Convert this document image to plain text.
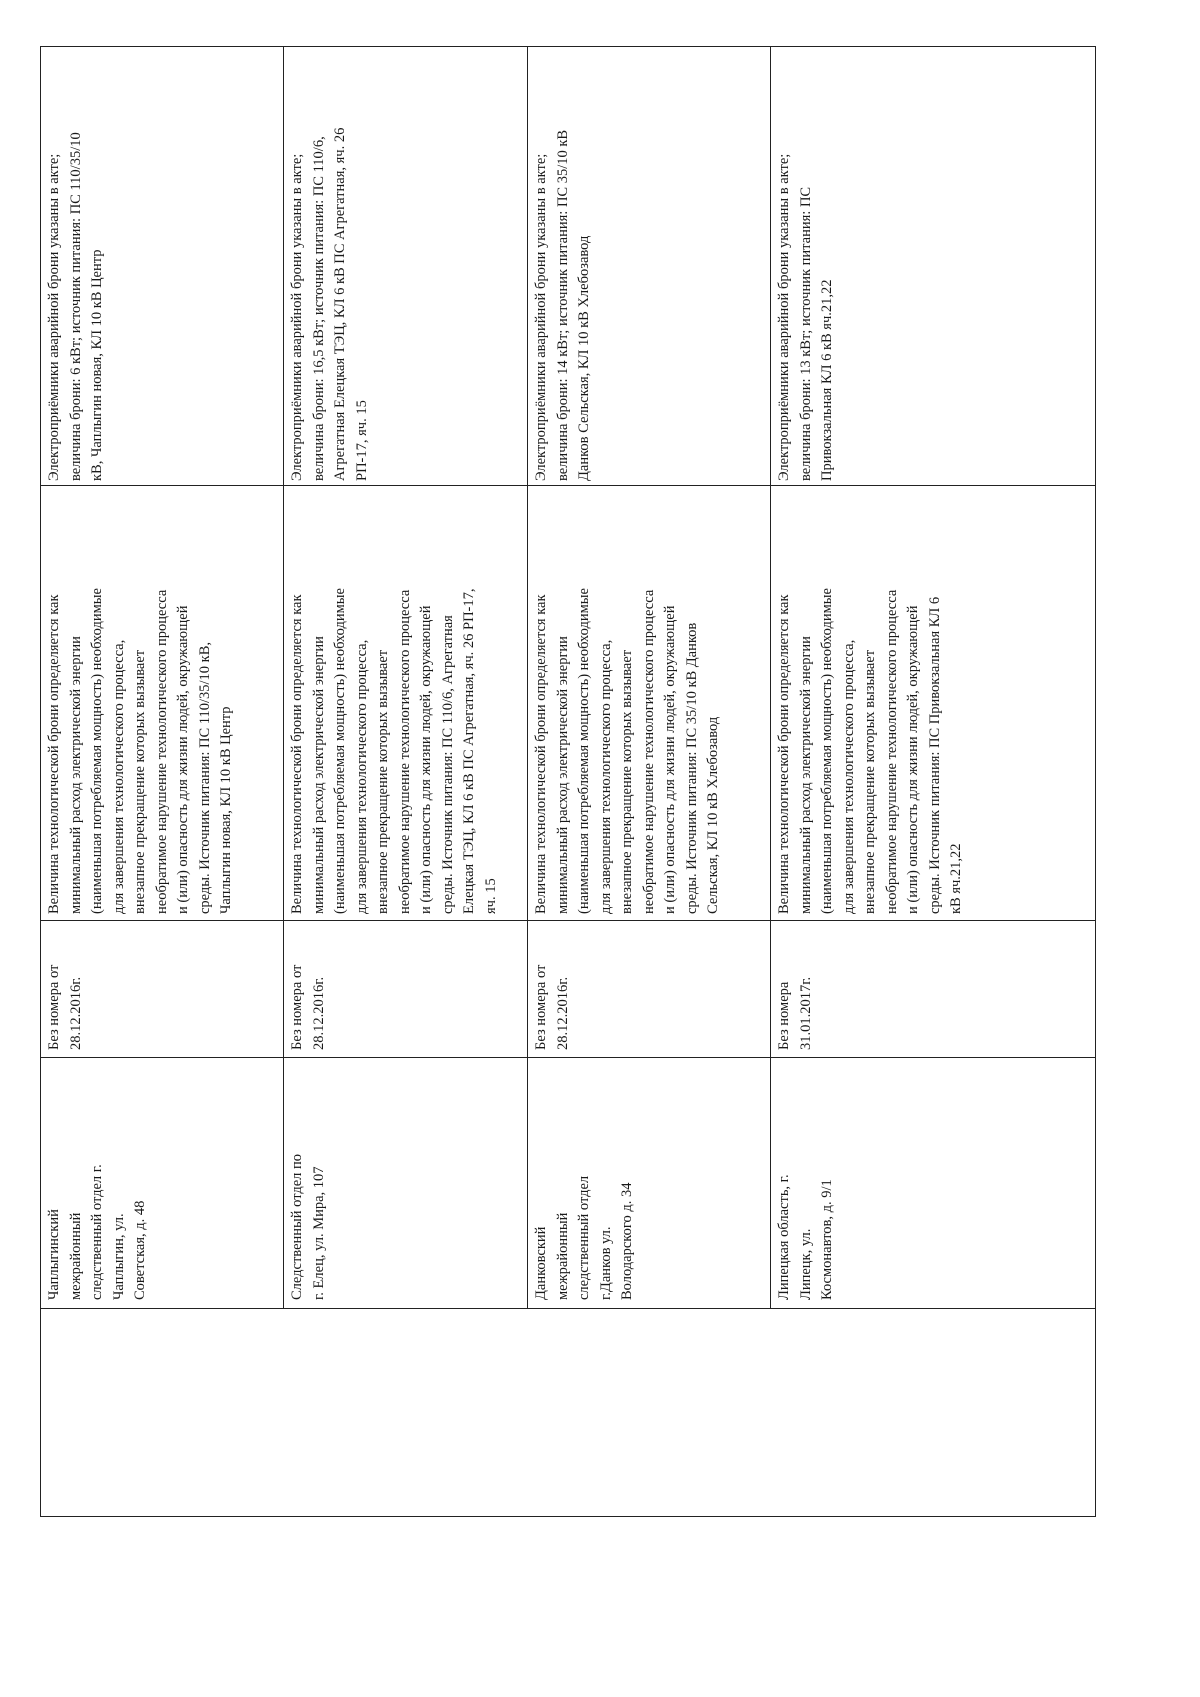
Чаплыгинский межрайонный следственный отдел г. Чаплыгин, ул. Советская, д. 48
Без номера от 28.12.2016г.
Величина технологической брони определяется как минимальный расход электрической энергии (наименьшая потребляемая мощность) необходимые для завершения технологического процесса, внезапное прекращение которых вызывает необратимое нарушение технологического процесса и (или) опасность для жизни людей, окружающей среды. Источник питания: ПС 110/35/10 кВ, Чаплыгин новая, КЛ 10 кВ Центр
Электроприёмники аварийной брони указаны в акте; величина брони: 6 кВт; источник питания: ПС 110/35/10 кВ, Чаплыгин новая, КЛ 10 кВ Центр
Следственный отдел по г. Елец, ул. Мира, 107
Без номера от 28.12.2016г.
Величина технологической брони определяется как минимальный расход электрической энергии (наименьшая потребляемая мощность) необходимые для завершения технологического процесса, внезапное прекращение которых вызывает необратимое нарушение технологического процесса и (или) опасность для жизни людей, окружающей среды. Источник питания: ПС 110/6, Агрегатная Елецкая ТЭЦ, КЛ 6 кВ ПС Агрегатная, яч. 26 РП-17, яч. 15
Электроприёмники аварийной брони указаны в акте; величина брони: 16,5 кВт; источник питания: ПС 110/6, Агрегатная Елецкая ТЭЦ, КЛ 6 кВ ПС Агрегатная, яч. 26 РП-17, яч. 15
Данковский межрайонный следственный отдел г.Данков ул. Володарского д. 34
Без номера от 28.12.2016г.
Величина технологической брони определяется как минимальный расход электрической энергии (наименьшая потребляемая мощность) необходимые для завершения технологического процесса, внезапное прекращение которых вызывает необратимое нарушение технологического процесса и (или) опасность для жизни людей, окружающей среды. Источник питания: ПС 35/10 кВ Данков Сельская, КЛ 10 кВ Хлебозавод
Электроприёмники аварийной брони указаны в акте; величина брони: 14 кВт; источник питания: ПС 35/10 кВ Данков Сельская, КЛ 10 кВ Хлебозавод
Липецкая область, г. Липецк, ул. Космонавтов, д. 9/1
Без номера 31.01.2017г.
Величина технологической брони определяется как минимальный расход электрической энергии (наименьшая потребляемая мощность) необходимые для завершения технологического процесса, внезапное прекращение которых вызывает необратимое нарушение технологического процесса и (или) опасность для жизни людей, окружающей среды. Источник питания: ПС Привокзальная КЛ 6 кВ яч.21,22
Электроприёмники аварийной брони указаны в акте; величина брони: 13 кВт; источник питания: ПС Привокзальная КЛ 6 кВ яч.21,22
